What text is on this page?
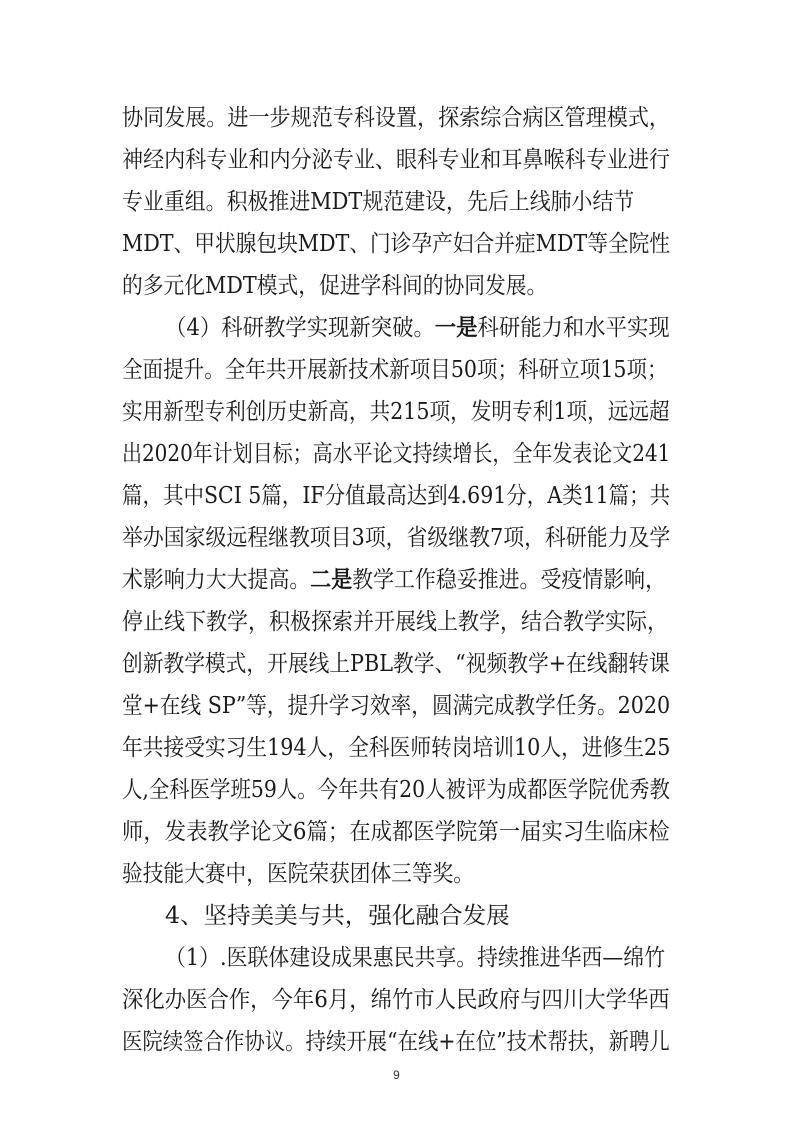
协同发展。进一步规范专科设置，探索综合病区管理模式，
神经内科专业和内分泌专业、眼科专业和耳鼻喉科专业进行
专业重组。积极推进MDT规范建设，先后上线肺小结节
MDT、甲状腺包块MDT、门诊孕产妇合并症MDT等全院性
的多元化MDT模式，促进学科间的协同发展。
（4）科研教学实现新突破。一是科研能力和水平实现
全面提升。全年共开展新技术新项目50项；科研立项15项；
实用新型专利创历史新高，共215项，发明专利1项，远远超
出2020年计划目标；高水平论文持续增长，全年发表论文241
篇，其中SCI 5篇，IF分值最高达到4.691分，A类11篇；共
举办国家级远程继教项目3项，省级继教7项，科研能力及学
术影响力大大提高。二是教学工作稳妥推进。受疫情影响，
停止线下教学，积极探索并开展线上教学，结合教学实际，
创新教学模式，开展线上PBL教学、“视频教学+在线翻转课
堂+在线 SP”等，提升学习效率，圆满完成教学任务。2020
年共接受实习生194人，全科医师转岗培训10人，进修生25
人,全科医学班59人。今年共有20人被评为成都医学院优秀教
师，发表教学论文6篇；在成都医学院第一届实习生临床检
验技能大赛中，医院荣获团体三等奖。
4、坚持美美与共，强化融合发展
（1）.医联体建设成果惠民共享。持续推进华西—绵竹
深化办医合作，今年6月，绵竹市人民政府与四川大学华西
医院续签合作协议。持续开展“在线+在位”技术帮扶，新聘儿
9
